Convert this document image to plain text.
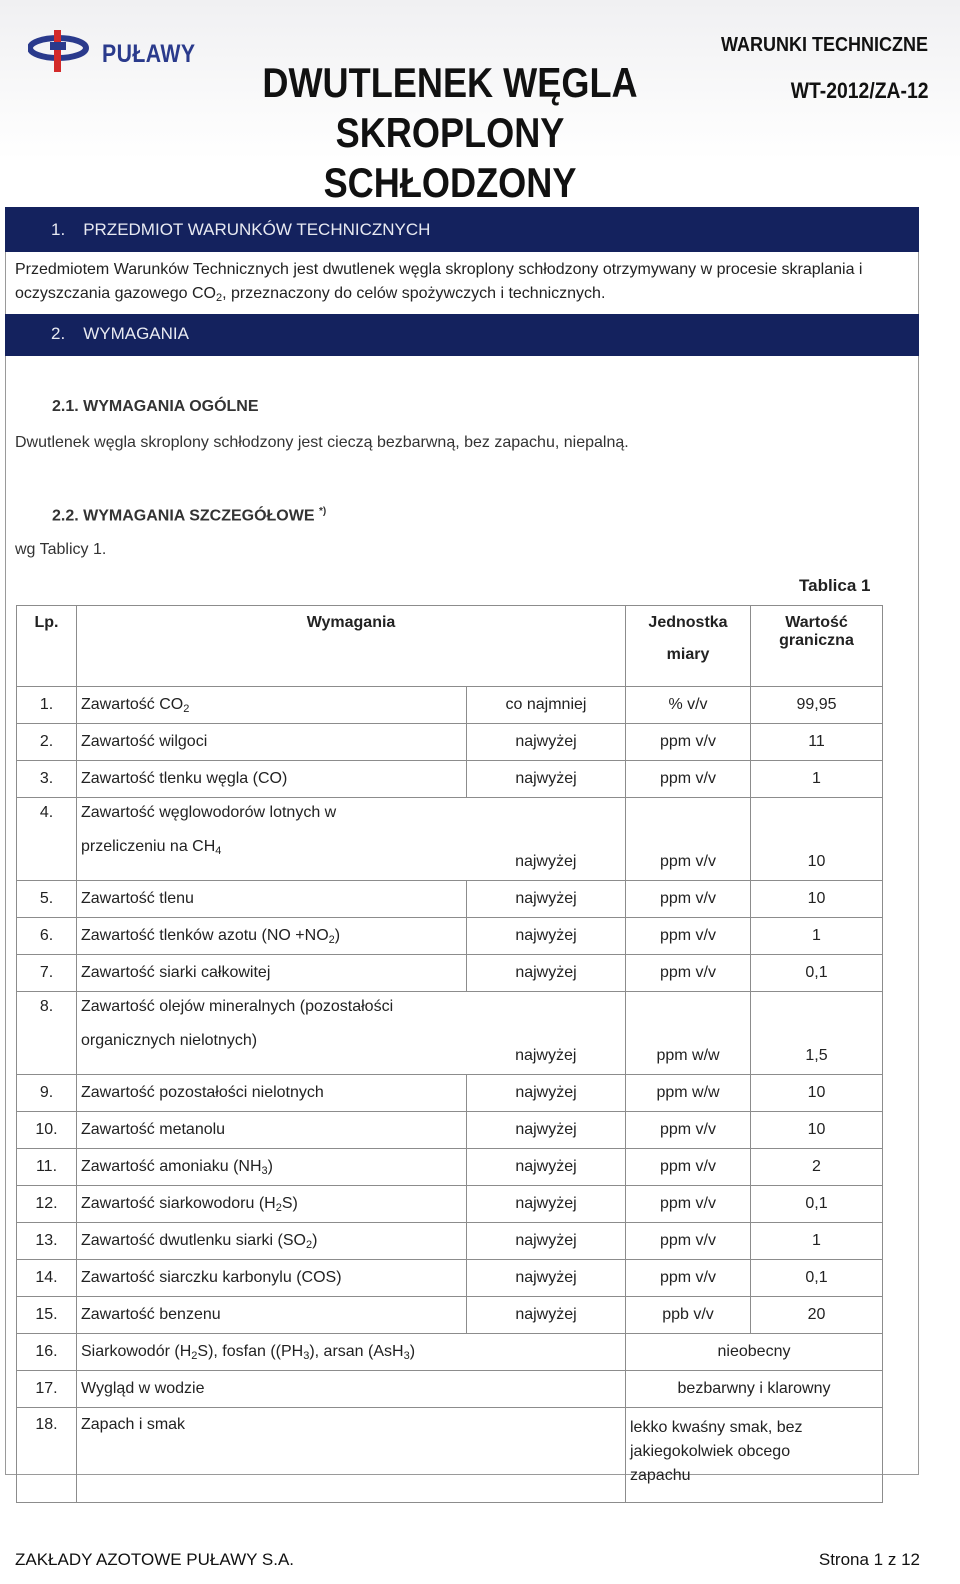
PUŁAWY
DWUTLENEK WĘGLA
SKROPLONY SCHŁODZONY
WARUNKI TECHNICZNE
WT-2012/ZA-12
1. PRZEDMIOT WARUNKÓW TECHNICZNYCH
Przedmiotem Warunków Technicznych jest dwutlenek węgla skroplony schłodzony otrzymywany w procesie skraplania i oczyszczania gazowego $CO_2$, przeznaczony do celów spożywczych i technicznych.
2. WYMAGANIA
2.1. WYMAGANIA OGÓLNE
Dwutlenek węgla skroplony schłodzony jest cieczą bezbarwną, bez zapachu, niepalną.
2.2. WYMAGANIA SZCZEGÓŁOWE *)
wg Tablicy 1.
Tablica 1
Lp.	Wymagania		Jednostka
miary	Wartość graniczna
1.	Zawartość $CO_2$	co najmniej	% v/v	99,95
2.	Zawartość wilgoci	najwyżej	ppm v/v	11
3.	Zawartość tlenku węgla (CO)	najwyżej	ppm v/v	1
4.	Zawartość węglowodorów lotnych w
przeliczeniu na $CH_4$	najwyżej	ppm v/v	10
5.	Zawartość tlenu	najwyżej	ppm v/v	10
6.	Zawartość tlenków azotu $(NO +NO_2)$	najwyżej	ppm v/v	1
7.	Zawartość siarki całkowitej	najwyżej	ppm v/v	0,1
8.	Zawartość olejów mineralnych (pozostałości
organicznych nielotnych)	najwyżej	ppm w/w	1,5
9.	Zawartość pozostałości nielotnych	najwyżej	ppm w/w	10
10.	Zawartość metanolu	najwyżej	ppm v/v	10
11.	Zawartość amoniaku $(NH_3)$	najwyżej	ppm v/v	2
12.	Zawartość siarkowodoru $(H_2S)$	najwyżej	ppm v/v	0,1
13.	Zawartość dwutlenku siarki $(SO_2)$	najwyżej	ppm v/v	1
14.	Zawartość siarczku karbonylu (COS)	najwyżej	ppm v/v	0,1
15.	Zawartość benzenu	najwyżej	ppb v/v	20
16.	Siarkowodór $(H_2S)$, fosfan ($(PH_3)$, arsan (AsH$_3$)		nieobecny	
17.	Wygląd w wodzie		bezbarwny i klarowny	
18.	Zapach i smak		lekko kwaśny smak, bez jakiegokolwiek obcego zapachu	
ZAKŁADY AZOTOWE PUŁAWY S.A.	Strona 1 z 12
